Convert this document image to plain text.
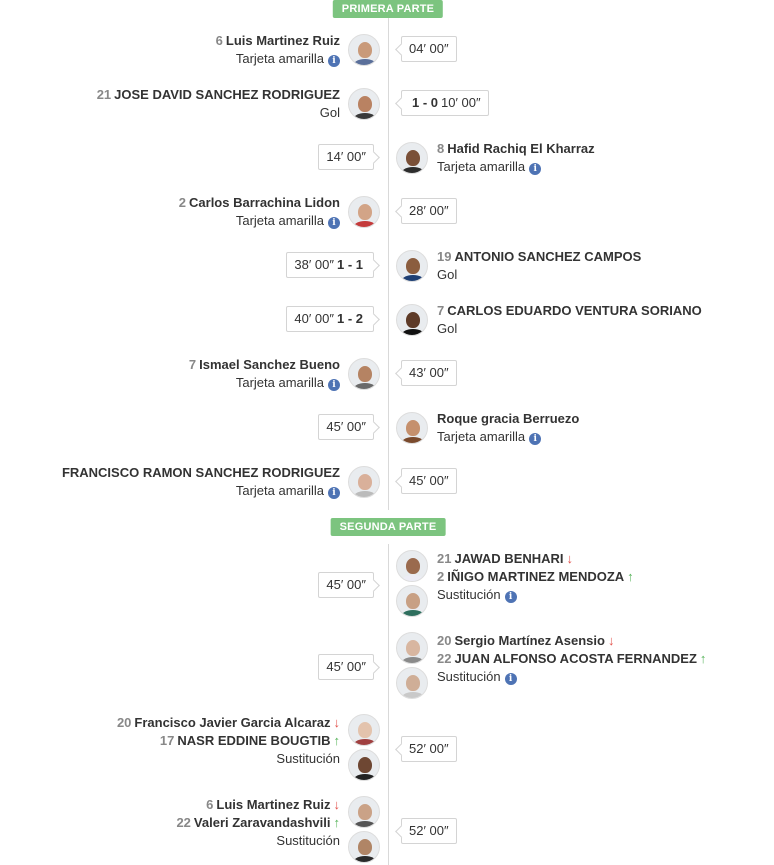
PRIMERA PARTE
04′ 00″
6 Luis Martinez Ruiz
Tarjeta amarilla i
1 - 0 10′ 00″
21 JOSE DAVID SANCHEZ RODRIGUEZ
Gol
14′ 00″
8 Hafid Rachiq El Kharraz
Tarjeta amarilla i
28′ 00″
2 Carlos Barrachina Lidon
Tarjeta amarilla i
38′ 00″ 1 - 1
19 ANTONIO SANCHEZ CAMPOS
Gol
40′ 00″ 1 - 2
7 CARLOS EDUARDO VENTURA SORIANO
Gol
43′ 00″
7 Ismael Sanchez Bueno
Tarjeta amarilla i
45′ 00″
Roque gracia Berruezo
Tarjeta amarilla i
45′ 00″
FRANCISCO RAMON SANCHEZ RODRIGUEZ
Tarjeta amarilla i
SEGUNDA PARTE
45′ 00″
21 JAWAD BENHARI ↓
2 IÑIGO MARTINEZ MENDOZA ↑
Sustitución i
45′ 00″
20 Sergio Martínez Asensio ↓
22 JUAN ALFONSO ACOSTA FERNANDEZ ↑
Sustitución i
52′ 00″
20 Francisco Javier Garcia Alcaraz ↓
17 NASR EDDINE BOUGTIB ↑
Sustitución
52′ 00″
6 Luis Martinez Ruiz ↓
22 Valeri Zaravandashvili ↑
Sustitución
